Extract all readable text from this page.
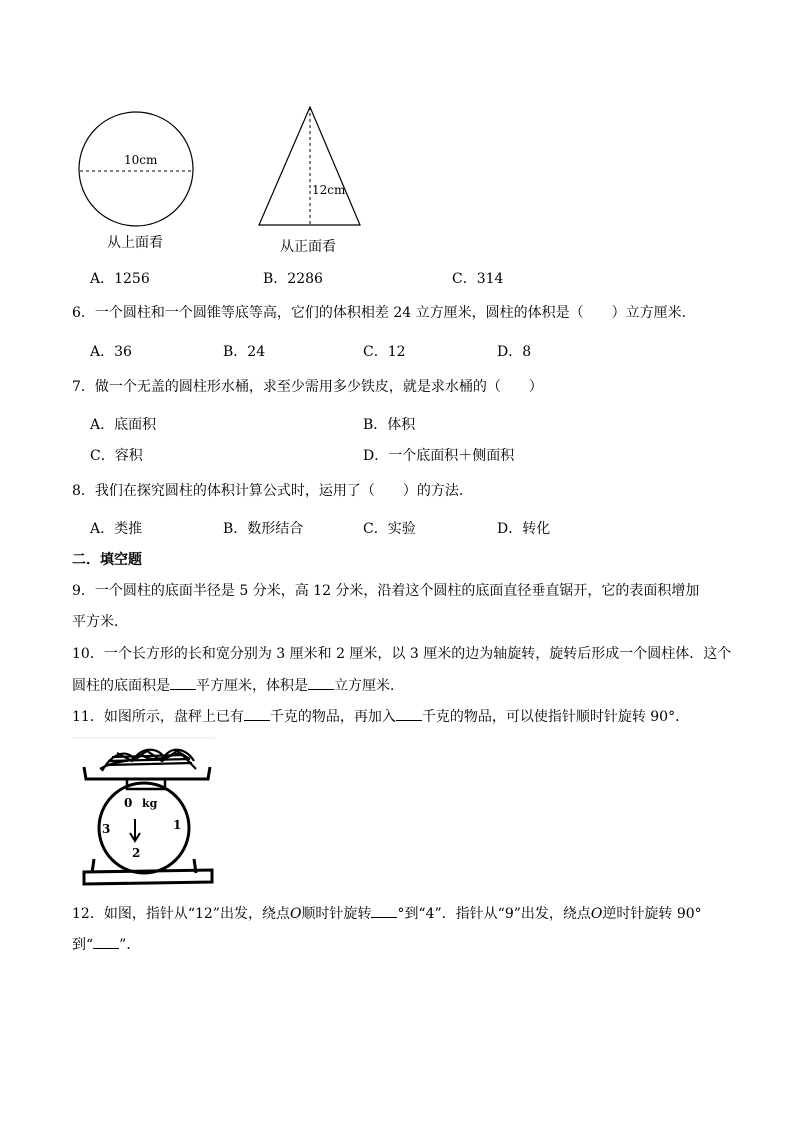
10cm
12cm
从上面看	从正面看
A．1256	B．2286	C．314
6．一个圆柱和一个圆锥等底等高，它们的体积相差 24 立方厘米，圆柱的体积是（ ）立方厘米．
A．36	B．24	C．12	D．8
7．做一个无盖的圆柱形水桶，求至少需用多少铁皮，就是求水桶的（ ）
A．底面积	B．体积
C．容积	D．一个底面积＋侧面积
8．我们在探究圆柱的体积计算公式时，运用了（ ）的方法．
A．类推	B．数形结合	C．实验	D．转化
二．填空题
9．一个圆柱的底面半径是 5 分米，高 12 分米，沿着这个圆柱的底面直径垂直锯开，它的表面积增加
平方米．
10．一个长方形的长和宽分别为 3 厘米和 2 厘米，以 3 厘米的边为轴旋转，旋转后形成一个圆柱体．这个
圆柱的底面积是 平方厘米，体积是 立方厘米．
11．如图所示，盘秤上已有 千克的物品，再加入 千克的物品，可以使指针顺时针旋转 90°．
0 kg
3	1
2
12．如图，指针从“12”出发，绕点O顺时针旋转 °到“4”．指针从“9”出发，绕点O逆时针旋转 90°
到“ ”．
